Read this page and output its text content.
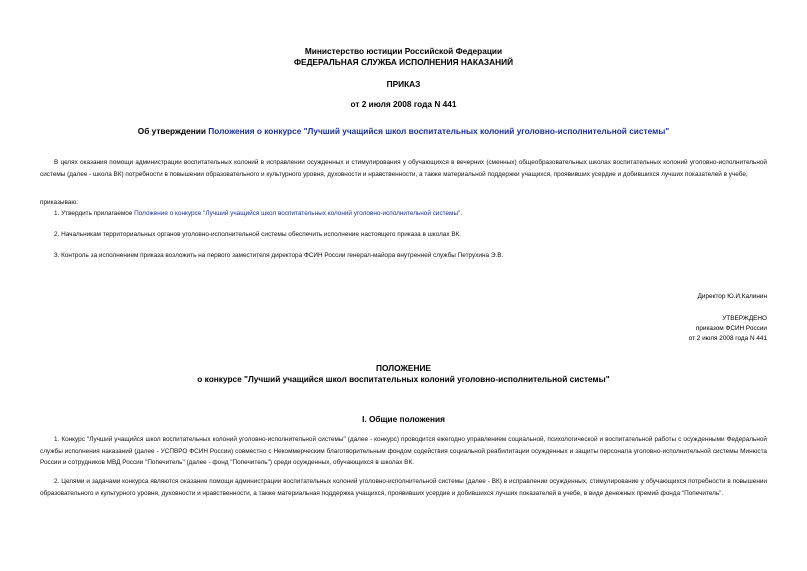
Министерство юстиции Российской Федерации
ФЕДЕРАЛЬНАЯ СЛУЖБА ИСПОЛНЕНИЯ НАКАЗАНИЙ
ПРИКАЗ
от 2 июля 2008 года N 441
Об утверждении Положения о конкурсе "Лучший учащийся школ воспитательных колоний уголовно-исполнительной системы"
В целях оказания помощи администрации воспитательных колоний в исправлении осужденных и стимулирования у обучающихся в вечерних (сменных) общеобразовательных школах воспитательных колоний уголовно-исполнительной системы (далее - школа ВК) потребности в повышении образовательного и культурного уровня, духовности и нравственности, а также материальной поддержки учащихся, проявивших усердие и добившихся лучших показателей в учебе,
приказываю:
1. Утвердить прилагаемое Положение о конкурсе "Лучший учащийся школ воспитательных колоний уголовно-исполнительной системы".
2. Начальникам территориальных органов уголовно-исполнительной системы обеспечить исполнение настоящего приказа в школах ВК.
3. Контроль за исполнением приказа возложить на первого заместителя директора ФСИН России генерал-майора внутренней службы Петрухина Э.В.
Директор Ю.И.Калинин
УТВЕРЖДЕНО
приказом ФСИН России
от 2 июля 2008 года N 441
ПОЛОЖЕНИЕ
о конкурсе "Лучший учащийся школ воспитательных колоний уголовно-исполнительной системы"
I. Общие положения
1. Конкурс "Лучший учащийся школ воспитательных колоний уголовно-исполнительной системы" (далее - конкурс) проводится ежегодно управлением социальной, психологической и воспитательной работы с осужденными Федеральной службы исполнения наказаний (далее - УСПВРО ФСИН России) совместно с Некоммерческим благотворительным фондом содействия социальной реабилитации осужденных и защиты персонала уголовно-исполнительной системы Минюста России и сотрудников МВД России "Попечитель" (далее - фонд "Попечитель") среди осужденных, обучающихся в школах ВК.
2. Целями и задачами конкурса являются оказание помощи администрации воспитательных колоний уголовно-исполнительной системы (далее - ВК) в исправлении осужденных, стимулирование у обучающихся потребности в повышении образовательного и культурного уровня, духовности и нравственности, а также материальная поддержка учащихся, проявивших усердие и добившихся лучших показателей в учебе, в виде денежных премий фонда "Попечитель".
